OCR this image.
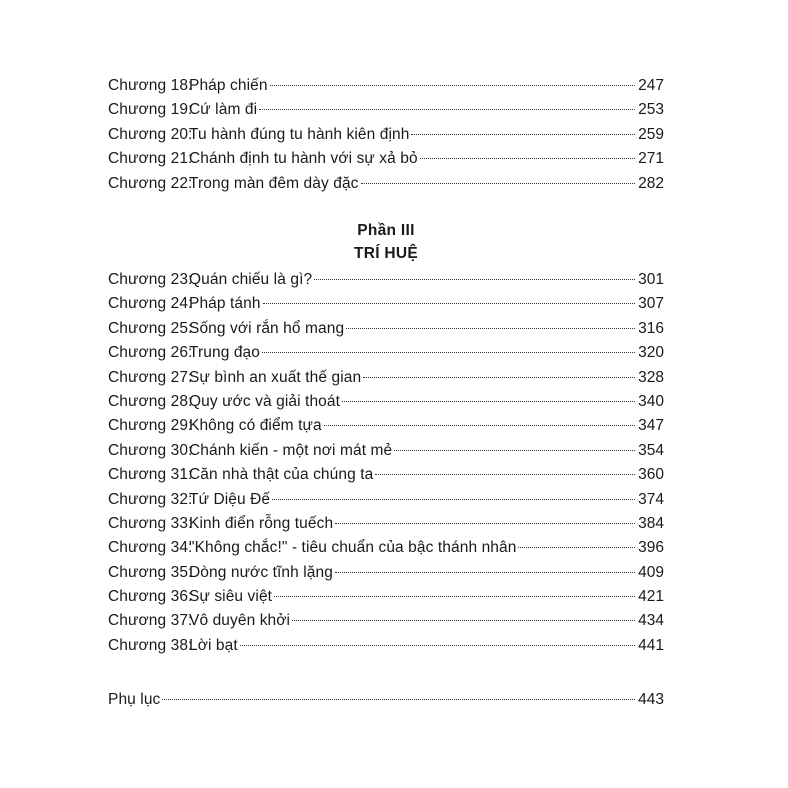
Chương 18:Pháp chiến	247
Chương 19:Cứ làm đi	253
Chương 20:Tu hành đúng tu hành kiên định	259
Chương 21:Chánh định tu hành với sự xả bỏ	271
Chương 22:Trong màn đêm dày đặc	282
Phần III
TRÍ HUỆ
Chương 23:Quán chiếu là gì?	301
Chương 24:Pháp tánh	307
Chương 25:Sống với rắn hổ mang	316
Chương 26:Trung đạo	320
Chương 27:Sự bình an xuất thế gian	328
Chương 28:Quy ước và giải thoát	340
Chương 29:Không có điểm tựa	347
Chương 30:Chánh kiến - một nơi mát mẻ	354
Chương 31:Căn nhà thật của chúng ta	360
Chương 32:Tứ Diệu Đế	374
Chương 33:Kinh điển rỗng tuếch	384
Chương 34:"Không chắc!" - tiêu chuẩn của bậc thánh nhân	396
Chương 35:Dòng nước tĩnh lặng	409
Chương 36:Sự siêu việt	421
Chương 37:Vô duyên khởi	434
Chương 38:Lời bạt	441
Phụ lục	443
